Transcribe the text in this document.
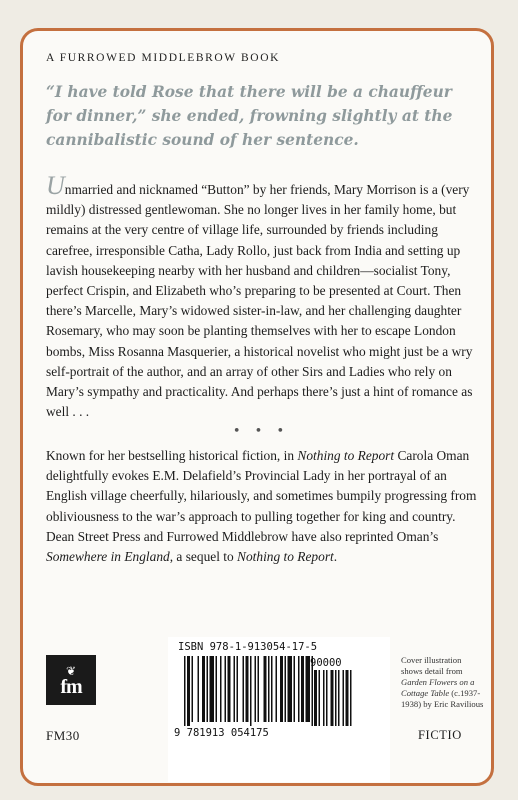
A FURROWED MIDDLEBROW BOOK
“I have told Rose that there will be a chauffeur for dinner,” she ended, frowning slightly at the cannibalistic sound of her sentence.

Unmarried and nicknamed “Button” by her friends, Mary Morrison is a (very mildly) distressed gentlewoman. She no longer lives in her family home, but remains at the very centre of village life, surrounded by friends including carefree, irresponsible Catha, Lady Rollo, just back from India and setting up lavish housekeeping nearby with her husband and children—socialist Tony, perfect Crispin, and Elizabeth who’s preparing to be presented at Court. Then there’s Marcelle, Mary’s widowed sister-in-law, and her challenging daughter Rosemary, who may soon be planting themselves with her to escape London bombs, Miss Rosanna Masquerier, a historical novelist who might just be a wry self-portrait of the author, and an array of other Sirs and Ladies who rely on Mary’s sympathy and practicality. And perhaps there’s just a hint of romance as well . . .

• • •

Known for her bestselling historical fiction, in Nothing to Report Carola Oman delightfully evokes E.M. Delafield’s Provincial Lady in her portrayal of an English village cheerfully, hilariously, and sometimes bumpily progressing from obliviousness to the war’s approach to pulling together for king and country. Dean Street Press and Furrowed Middlebrow have also reprinted Oman’s Somewhere in England, a sequel to Nothing to Report.

❦
fm
FM30
ISBN 978-1-913054-17-5
9 781913 054175
90000	Cover illustration shows detail from Garden Flowers on a Cottage Table (c.1937-1938) by Eric Ravilious
FICTIO
